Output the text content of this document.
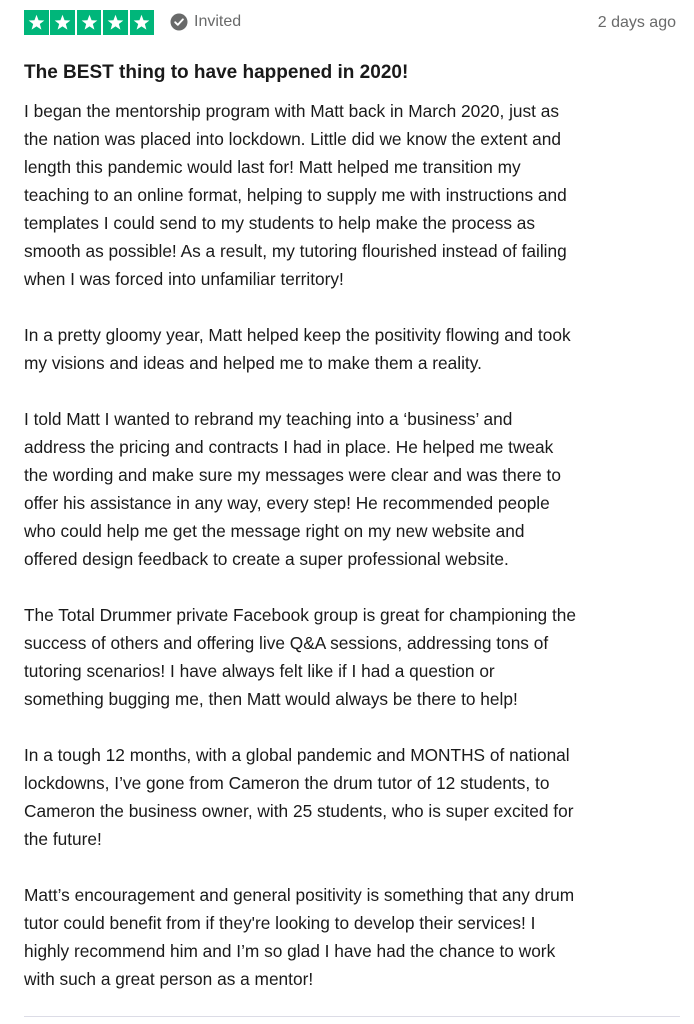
Invited	2 days ago
The BEST thing to have happened in 2020!

I began the mentorship program with Matt back in March 2020, just as
the nation was placed into lockdown. Little did we know the extent and
length this pandemic would last for! Matt helped me transition my
teaching to an online format, helping to supply me with instructions and
templates I could send to my students to help make the process as
smooth as possible! As a result, my tutoring flourished instead of failing
when I was forced into unfamiliar territory!

In a pretty gloomy year, Matt helped keep the positivity flowing and took
my visions and ideas and helped me to make them a reality.

I told Matt I wanted to rebrand my teaching into a ‘business’ and
address the pricing and contracts I had in place. He helped me tweak
the wording and make sure my messages were clear and was there to
offer his assistance in any way, every step! He recommended people
who could help me get the message right on my new website and
offered design feedback to create a super professional website.

The Total Drummer private Facebook group is great for championing the
success of others and offering live Q&A sessions, addressing tons of
tutoring scenarios! I have always felt like if I had a question or
something bugging me, then Matt would always be there to help!

In a tough 12 months, with a global pandemic and MONTHS of national
lockdowns, I’ve gone from Cameron the drum tutor of 12 students, to
Cameron the business owner, with 25 students, who is super excited for
the future!

Matt’s encouragement and general positivity is something that any drum
tutor could benefit from if they're looking to develop their services! I
highly recommend him and I’m so glad I have had the chance to work
with such a great person as a mentor!
